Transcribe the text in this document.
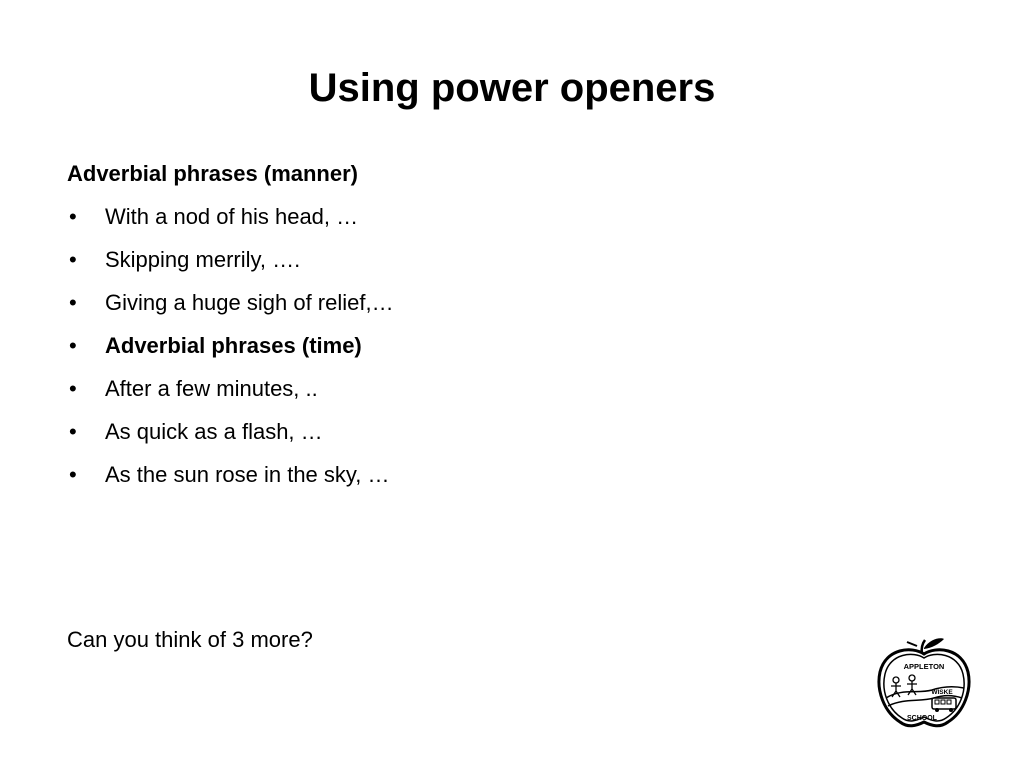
Using power openers
Adverbial phrases (manner)
•	With a nod of his head, …
•	Skipping merrily, ….
•	Giving a huge sigh of relief,…
•	Adverbial phrases (time)
•	After a few minutes, ..
•	As quick as a flash, …
•	As the sun rose in the sky, …
Can you think of 3 more?
APPLETON
WISKE
SCHOOL
